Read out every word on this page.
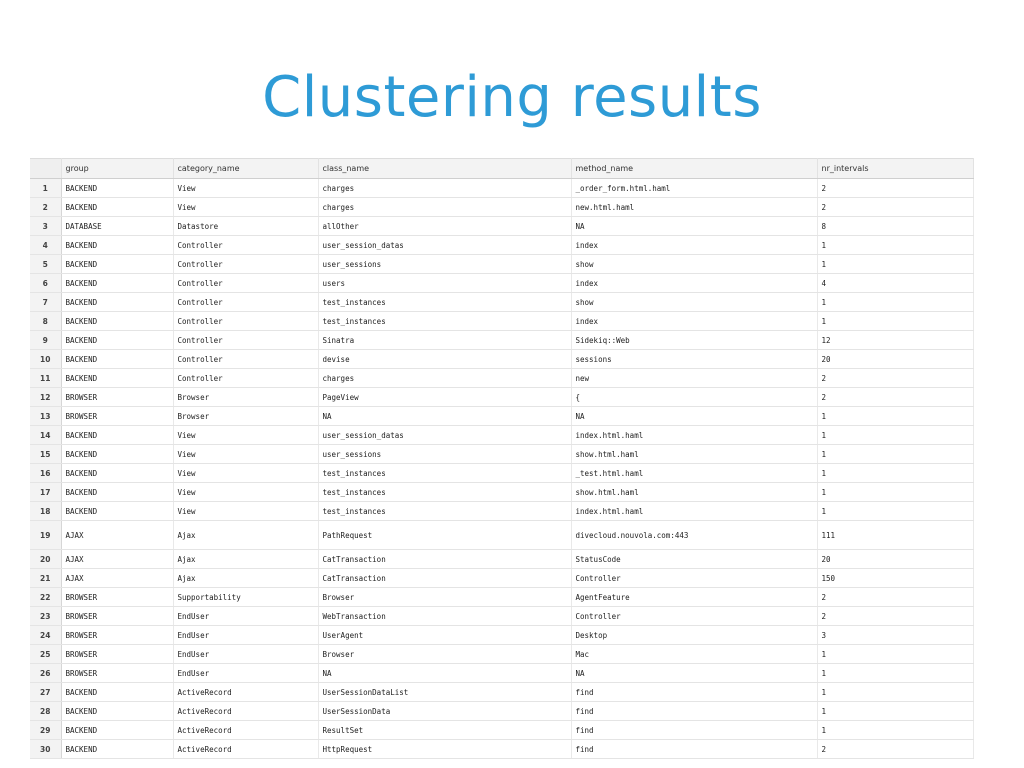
Clustering results
	group	category_name	class_name	method_name	nr_intervals
1	BACKEND	View	charges	_order_form.html.haml	2
2	BACKEND	View	charges	new.html.haml	2
3	DATABASE	Datastore	allOther	NA	8
4	BACKEND	Controller	user_session_datas	index	1
5	BACKEND	Controller	user_sessions	show	1
6	BACKEND	Controller	users	index	4
7	BACKEND	Controller	test_instances	show	1
8	BACKEND	Controller	test_instances	index	1
9	BACKEND	Controller	Sinatra	Sidekiq::Web	12
10	BACKEND	Controller	devise	sessions	20
11	BACKEND	Controller	charges	new	2
12	BROWSER	Browser	PageView	{	2
13	BROWSER	Browser	NA	NA	1
14	BACKEND	View	user_session_datas	index.html.haml	1
15	BACKEND	View	user_sessions	show.html.haml	1
16	BACKEND	View	test_instances	_test.html.haml	1
17	BACKEND	View	test_instances	show.html.haml	1
18	BACKEND	View	test_instances	index.html.haml	1
19	AJAX	Ajax	PathRequest	divecloud.nouvola.com:443	111
20	AJAX	Ajax	CatTransaction	StatusCode	20
21	AJAX	Ajax	CatTransaction	Controller	150
22	BROWSER	Supportability	Browser	AgentFeature	2
23	BROWSER	EndUser	WebTransaction	Controller	2
24	BROWSER	EndUser	UserAgent	Desktop	3
25	BROWSER	EndUser	Browser	Mac	1
26	BROWSER	EndUser	NA	NA	1
27	BACKEND	ActiveRecord	UserSessionDataList	find	1
28	BACKEND	ActiveRecord	UserSessionData	find	1
29	BACKEND	ActiveRecord	ResultSet	find	1
30	BACKEND	ActiveRecord	HttpRequest	find	2
